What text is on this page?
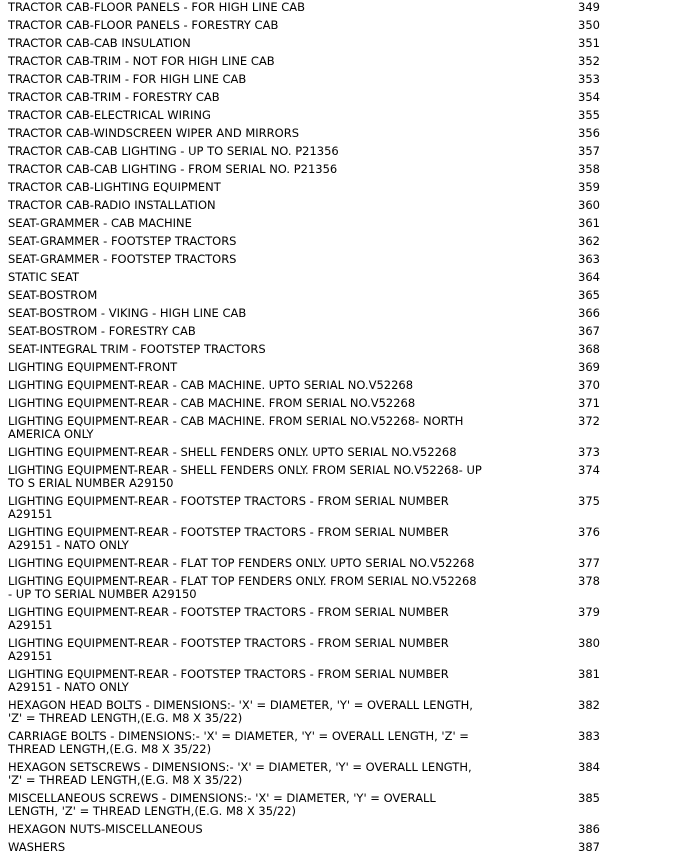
TRACTOR CAB-FLOOR PANELS - FOR HIGH LINE CAB	349
TRACTOR CAB-FLOOR PANELS - FORESTRY CAB	350
TRACTOR CAB-CAB INSULATION	351
TRACTOR CAB-TRIM - NOT FOR HIGH LINE CAB	352
TRACTOR CAB-TRIM - FOR HIGH LINE CAB	353
TRACTOR CAB-TRIM - FORESTRY CAB	354
TRACTOR CAB-ELECTRICAL WIRING	355
TRACTOR CAB-WINDSCREEN WIPER AND MIRRORS	356
TRACTOR CAB-CAB LIGHTING - UP TO SERIAL NO. P21356	357
TRACTOR CAB-CAB LIGHTING - FROM SERIAL NO. P21356	358
TRACTOR CAB-LIGHTING EQUIPMENT	359
TRACTOR CAB-RADIO INSTALLATION	360
SEAT-GRAMMER - CAB MACHINE	361
SEAT-GRAMMER - FOOTSTEP TRACTORS	362
SEAT-GRAMMER - FOOTSTEP TRACTORS	363
STATIC SEAT	364
SEAT-BOSTROM	365
SEAT-BOSTROM - VIKING - HIGH LINE CAB	366
SEAT-BOSTROM - FORESTRY CAB	367
SEAT-INTEGRAL TRIM - FOOTSTEP TRACTORS	368
LIGHTING EQUIPMENT-FRONT	369
LIGHTING EQUIPMENT-REAR - CAB MACHINE. UPTO SERIAL NO.V52268	370
LIGHTING EQUIPMENT-REAR - CAB MACHINE. FROM SERIAL NO.V52268	371
LIGHTING EQUIPMENT-REAR - CAB MACHINE. FROM SERIAL NO.V52268- NORTH AMERICA ONLY	372
LIGHTING EQUIPMENT-REAR - SHELL FENDERS ONLY. UPTO SERIAL NO.V52268	373
LIGHTING EQUIPMENT-REAR - SHELL FENDERS ONLY. FROM SERIAL NO.V52268- UP TO S ERIAL NUMBER A29150	374
LIGHTING EQUIPMENT-REAR - FOOTSTEP TRACTORS - FROM SERIAL NUMBER A29151	375
LIGHTING EQUIPMENT-REAR - FOOTSTEP TRACTORS - FROM SERIAL NUMBER A29151 - NATO ONLY	376
LIGHTING EQUIPMENT-REAR - FLAT TOP FENDERS ONLY. UPTO SERIAL NO.V52268	377
LIGHTING EQUIPMENT-REAR - FLAT TOP FENDERS ONLY. FROM SERIAL NO.V52268 - UP TO SERIAL NUMBER A29150	378
LIGHTING EQUIPMENT-REAR - FOOTSTEP TRACTORS - FROM SERIAL NUMBER A29151	379
LIGHTING EQUIPMENT-REAR - FOOTSTEP TRACTORS - FROM SERIAL NUMBER A29151	380
LIGHTING EQUIPMENT-REAR - FOOTSTEP TRACTORS - FROM SERIAL NUMBER A29151 - NATO ONLY	381
HEXAGON HEAD BOLTS - DIMENSIONS:- 'X' = DIAMETER, 'Y' = OVERALL LENGTH, 'Z' = THREAD LENGTH,(E.G. M8 X 35/22)	382
CARRIAGE BOLTS - DIMENSIONS:- 'X' = DIAMETER, 'Y' = OVERALL LENGTH, 'Z' = THREAD LENGTH,(E.G. M8 X 35/22)	383
HEXAGON SETSCREWS - DIMENSIONS:- 'X' = DIAMETER, 'Y' = OVERALL LENGTH, 'Z' = THREAD LENGTH,(E.G. M8 X 35/22)	384
MISCELLANEOUS SCREWS - DIMENSIONS:- 'X' = DIAMETER, 'Y' = OVERALL LENGTH, 'Z' = THREAD LENGTH,(E.G. M8 X 35/22)	385
HEXAGON NUTS-MISCELLANEOUS	386
WASHERS	387
